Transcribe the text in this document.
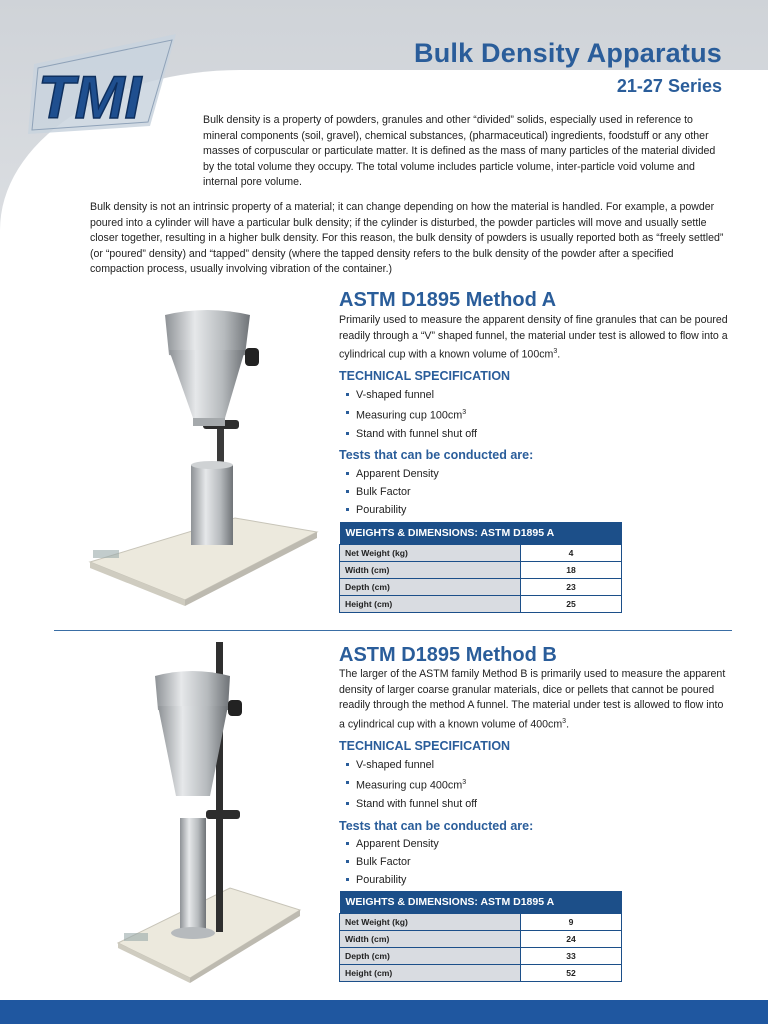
TMI
Bulk Density Apparatus
21-27 Series
Bulk density is a property of powders, granules and other “divided” solids, especially used in reference to mineral components (soil, gravel), chemical substances, (pharmaceutical) ingredients, foodstuff or any other masses of corpuscular or particulate matter. It is defined as the mass of many particles of the material divided by the total volume they occupy. The total volume includes particle volume, inter-particle void volume and internal pore volume.
Bulk density is not an intrinsic property of a material; it can change depending on how the material is handled. For example, a powder poured into a cylinder will have a particular bulk density; if the cylinder is disturbed, the powder particles will move and usually settle closer together, resulting in a higher bulk density. For this reason, the bulk density of powders is usually reported both as “freely settled” (or “poured” density) and “tapped” density (where the tapped density refers to the bulk density of the powder after a specified compaction process, usually involving vibration of the container.)
ASTM D1895 Method A
Primarily used to measure the apparent density of fine granules that can be poured readily through a “V” shaped funnel, the material under test is allowed to flow into a cylindrical cup with a known volume of $100cm^3$.
TECHNICAL SPECIFICATION
V-shaped funnel
Measuring cup $100cm^3$
Stand with funnel shut off
Tests that can be conducted are:
Apparent Density
Bulk Factor
Pourability
WEIGHTS & DIMENSIONS: ASTM D1895 A	
Net Weight (kg)	4
Width (cm)	18
Depth (cm)	23
Height (cm)	25
ASTM D1895 Method B
The larger of the ASTM family Method B is primarily used to measure the apparent density of larger coarse granular materials, dice or pellets that cannot be poured readily through the method A funnel. The material under test is allowed to flow into a cylindrical cup with a known volume of $400cm^3$.
TECHNICAL SPECIFICATION
V-shaped funnel
Measuring cup $400cm^3$
Stand with funnel shut off
Tests that can be conducted are:
Apparent Density
Bulk Factor
Pourability
WEIGHTS & DIMENSIONS: ASTM D1895 A	
Net Weight (kg)	9
Width (cm)	24
Depth (cm)	33
Height (cm)	52
